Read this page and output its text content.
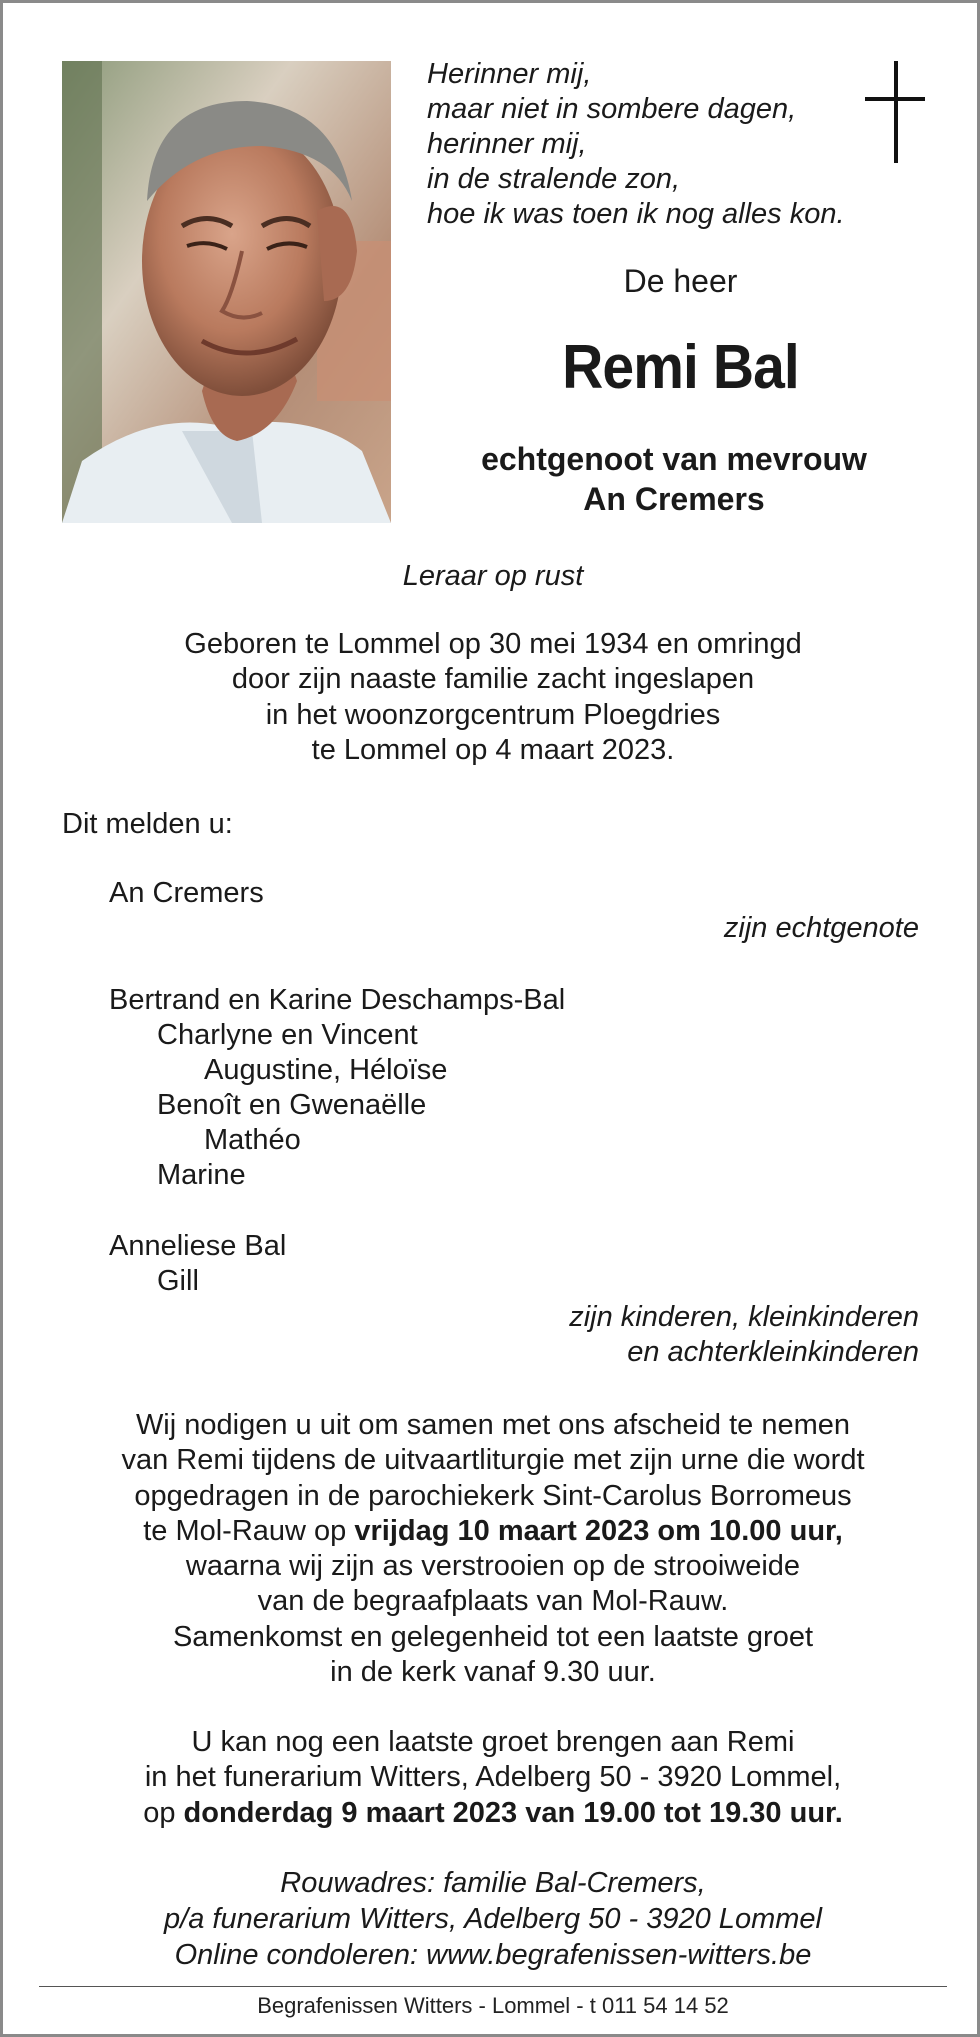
Herinner mij,
maar niet in sombere dagen,
herinner mij,
in de stralende zon,
hoe ik was toen ik nog alles kon.
De heer
Remi Bal
echtgenoot van mevrouw
An Cremers
Leraar op rust
Geboren te Lommel op 30 mei 1934 en omringd
door zijn naaste familie zacht ingeslapen
in het woonzorgcentrum Ploegdries
te Lommel op 4 maart 2023.
Dit melden u:
An Cremers
zijn echtgenote
Bertrand en Karine Deschamps-Bal
Charlyne en Vincent
Augustine, Héloïse
Benoît en Gwenaëlle
Mathéo
Marine
Anneliese Bal
Gill
zijn kinderen, kleinkinderen
en achterkleinkinderen
Wij nodigen u uit om samen met ons afscheid te nemen
van Remi tijdens de uitvaartliturgie met zijn urne die wordt
opgedragen in de parochiekerk Sint-Carolus Borromeus
te Mol-Rauw op vrijdag 10 maart 2023 om 10.00 uur,
waarna wij zijn as verstrooien op de strooiweide
van de begraafplaats van Mol-Rauw.
Samenkomst en gelegenheid tot een laatste groet
in de kerk vanaf 9.30 uur.
U kan nog een laatste groet brengen aan Remi
in het funerarium Witters, Adelberg 50 - 3920 Lommel,
op donderdag 9 maart 2023 van 19.00 tot 19.30 uur.
Rouwadres: familie Bal-Cremers,
p/a funerarium Witters, Adelberg 50 - 3920 Lommel
Online condoleren: www.begrafenissen-witters.be
Begrafenissen Witters - Lommel - t 011 54 14 52
